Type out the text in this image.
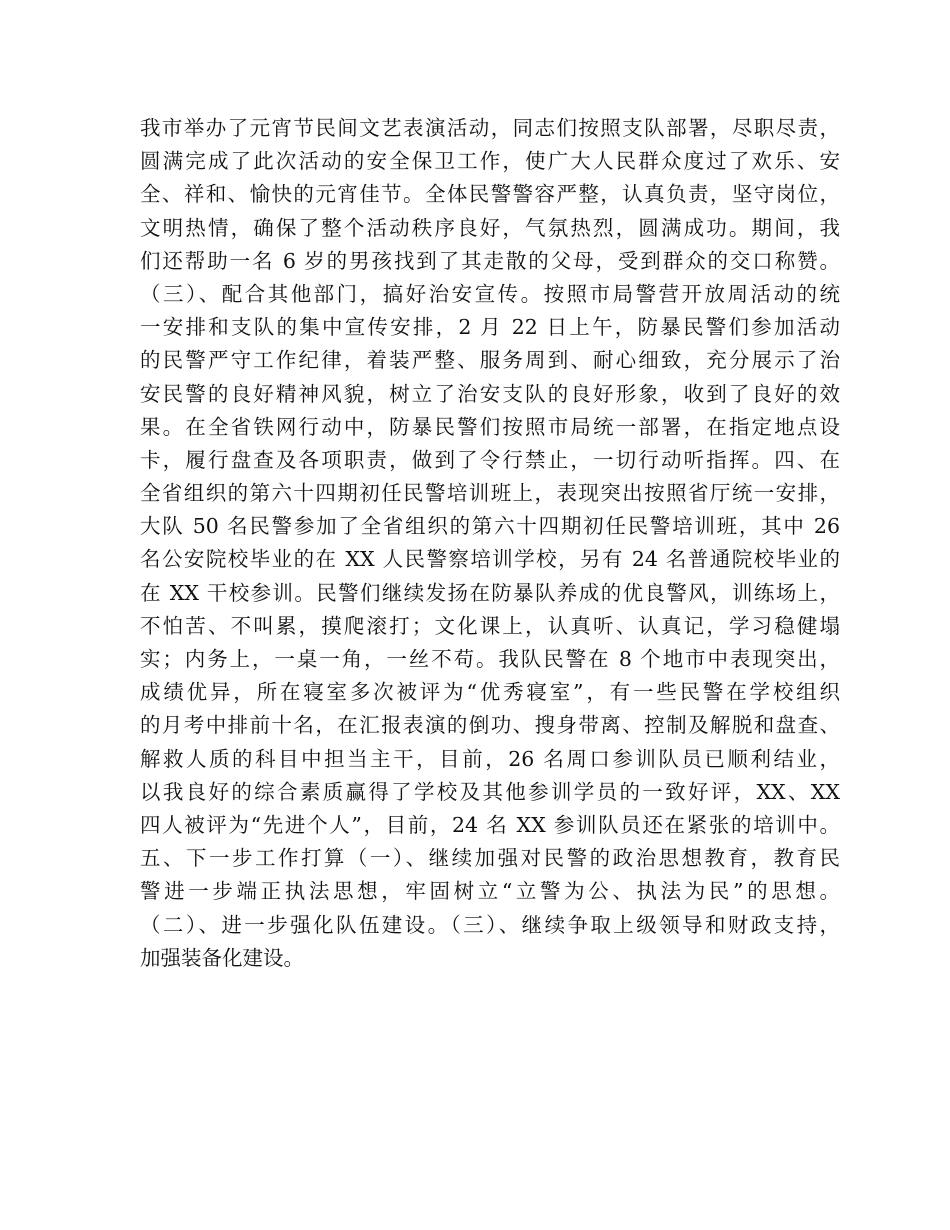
我市举办了元宵节民间文艺表演活动，同志们按照支队部署，尽职尽责，
圆满完成了此次活动的安全保卫工作，使广大人民群众度过了欢乐、安
全、祥和、愉快的元宵佳节。全体民警警容严整，认真负责，坚守岗位，
文明热情，确保了整个活动秩序良好，气氛热烈，圆满成功。期间，我
们还帮助一名 6 岁的男孩找到了其走散的父母，受到群众的交口称赞。
（三）、配合其他部门，搞好治安宣传。按照市局警营开放周活动的统
一安排和支队的集中宣传安排，2 月 22 日上午，防暴民警们参加活动
的民警严守工作纪律，着装严整、服务周到、耐心细致，充分展示了治
安民警的良好精神风貌，树立了治安支队的良好形象，收到了良好的效
果。在全省铁网行动中，防暴民警们按照市局统一部署，在指定地点设
卡，履行盘查及各项职责，做到了令行禁止，一切行动听指挥。四、在
全省组织的第六十四期初任民警培训班上，表现突出按照省厅统一安排，
大队 50 名民警参加了全省组织的第六十四期初任民警培训班，其中 26
名公安院校毕业的在 XX 人民警察培训学校，另有 24 名普通院校毕业的
在 XX 干校参训。民警们继续发扬在防暴队养成的优良警风，训练场上，
不怕苦、不叫累，摸爬滚打；文化课上，认真听、认真记，学习稳健塌
实；内务上，一桌一角，一丝不苟。我队民警在 8 个地市中表现突出，
成绩优异，所在寝室多次被评为“优秀寝室”，有一些民警在学校组织
的月考中排前十名，在汇报表演的倒功、搜身带离、控制及解脱和盘查、
解救人质的科目中担当主干，目前，26 名周口参训队员已顺利结业，
以我良好的综合素质赢得了学校及其他参训学员的一致好评，XX、XX
四人被评为“先进个人”，目前，24 名 XX 参训队员还在紧张的培训中。
五、下一步工作打算（一）、继续加强对民警的政治思想教育，教育民
警进一步端正执法思想，牢固树立“立警为公、执法为民”的思想。
（二）、进一步强化队伍建设。（三）、继续争取上级领导和财政支持，
加强装备化建设。
